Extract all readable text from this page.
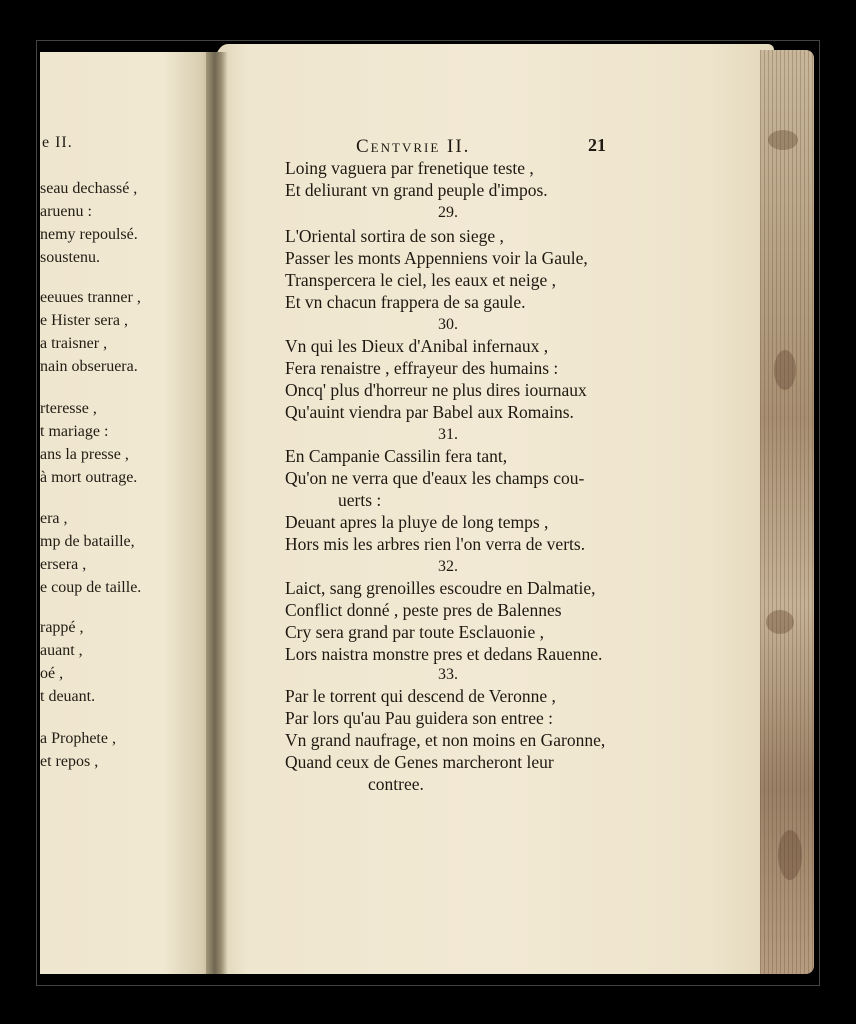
e II.
seau dechassé ,
aruenu :
nemy repoulsé.
soustenu.
eeuues tranner ,
e Hister sera ,
a traisner ,
nain obseruera.
rteresse ,
t mariage :
ans la presse ,
à mort outrage.
era ,
mp de bataille,
ersera ,
e coup de taille.
rappé ,
auant ,
oé ,
t deuant.
a Prophete ,
et repos ,
Centvrie II.	21
Loing vaguera par frenetique teste ,
Et deliurant vn grand peuple d'impos.
29.
L'Oriental sortira de son siege ,
Passer les monts Appenniens voir la Gaule,
Transpercera le ciel, les eaux et neige ,
Et vn chacun frappera de sa gaule.
30.
Vn qui les Dieux d'Anibal infernaux ,
Fera renaistre , effrayeur des humains :
Oncq' plus d'horreur ne plus dires iournaux
Qu'auint viendra par Babel aux Romains.
31.
En Campanie Cassilin fera tant,
Qu'on ne verra que d'eaux les champs cou-
uerts :
Deuant apres la pluye de long temps ,
Hors mis les arbres rien l'on verra de verts.
32.
Laict, sang grenoilles escoudre en Dalmatie,
Conflict donné , peste pres de Balennes
Cry sera grand par toute Esclauonie ,
Lors naistra monstre pres et dedans Rauenne.
33.
Par le torrent qui descend de Veronne ,
Par lors qu'au Pau guidera son entree :
Vn grand naufrage, et non moins en Garonne,
Quand ceux de Genes marcheront leur
contree.
